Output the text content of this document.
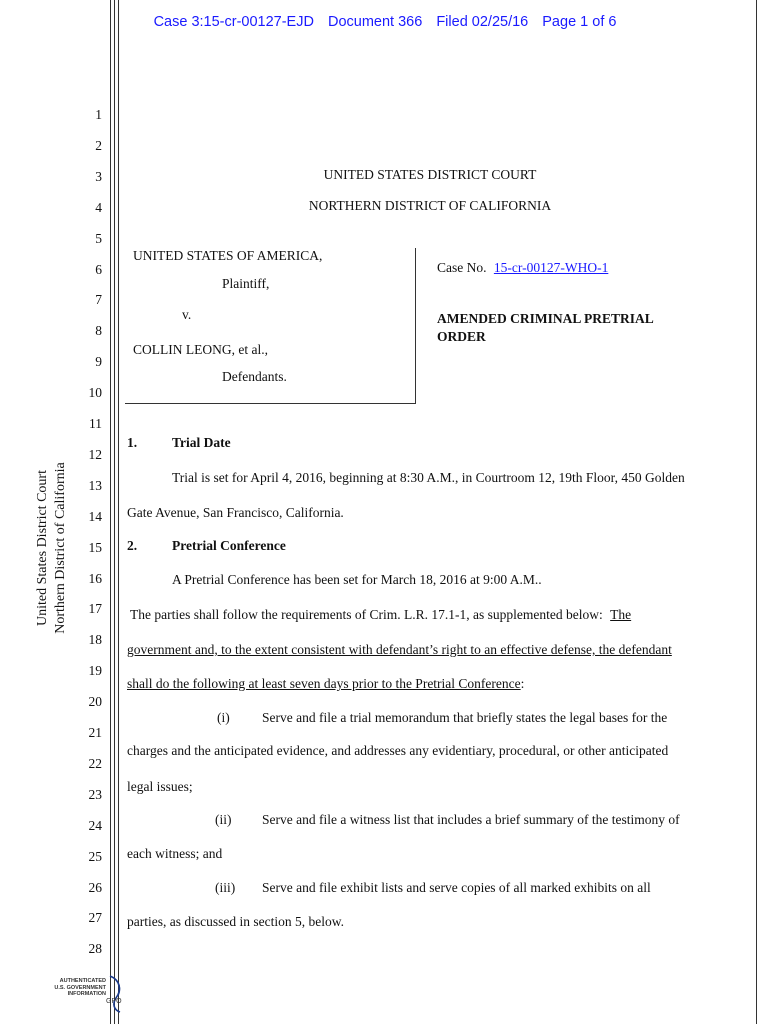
Case 3:15-cr-00127-EJD Document 366 Filed 02/25/16 Page 1 of 6
United States District Court Northern District of California
1
2
3
4
5
6
7
8
9
10
11
12
13
14
15
16
17
18
19
20
21
22
23
24
25
26
27
28
UNITED STATES DISTRICT COURT
NORTHERN DISTRICT OF CALIFORNIA
UNITED STATES OF AMERICA,
Plaintiff,
v.
COLLIN LEONG, et al.,
Defendants.
Case No. 15-cr-00127-WHO-1
AMENDED CRIMINAL PRETRIAL
ORDER
1.	Trial Date
Trial is set for April 4, 2016, beginning at 8:30 A.M., in Courtroom 12, 19th Floor, 450 Golden
Gate Avenue, San Francisco, California.
2.	Pretrial Conference
A Pretrial Conference has been set for March 18, 2016 at 9:00 A.M..
The parties shall follow the requirements of Crim. L.R. 17.1-1, as supplemented below: The
government and, to the extent consistent with defendant’s right to an effective defense, the defendant
shall do the following at least seven days prior to the Pretrial Conference:
(i) Serve and file a trial memorandum that briefly states the legal bases for the
charges and the anticipated evidence, and addresses any evidentiary, procedural, or other anticipated
legal issues;
(ii) Serve and file a witness list that includes a brief summary of the testimony of
each witness; and
(iii) Serve and file exhibit lists and serve copies of all marked exhibits on all
parties, as discussed in section 5, below.
AUTHENTICATED
U.S. GOVERNMENT
INFORMATION
GPO
